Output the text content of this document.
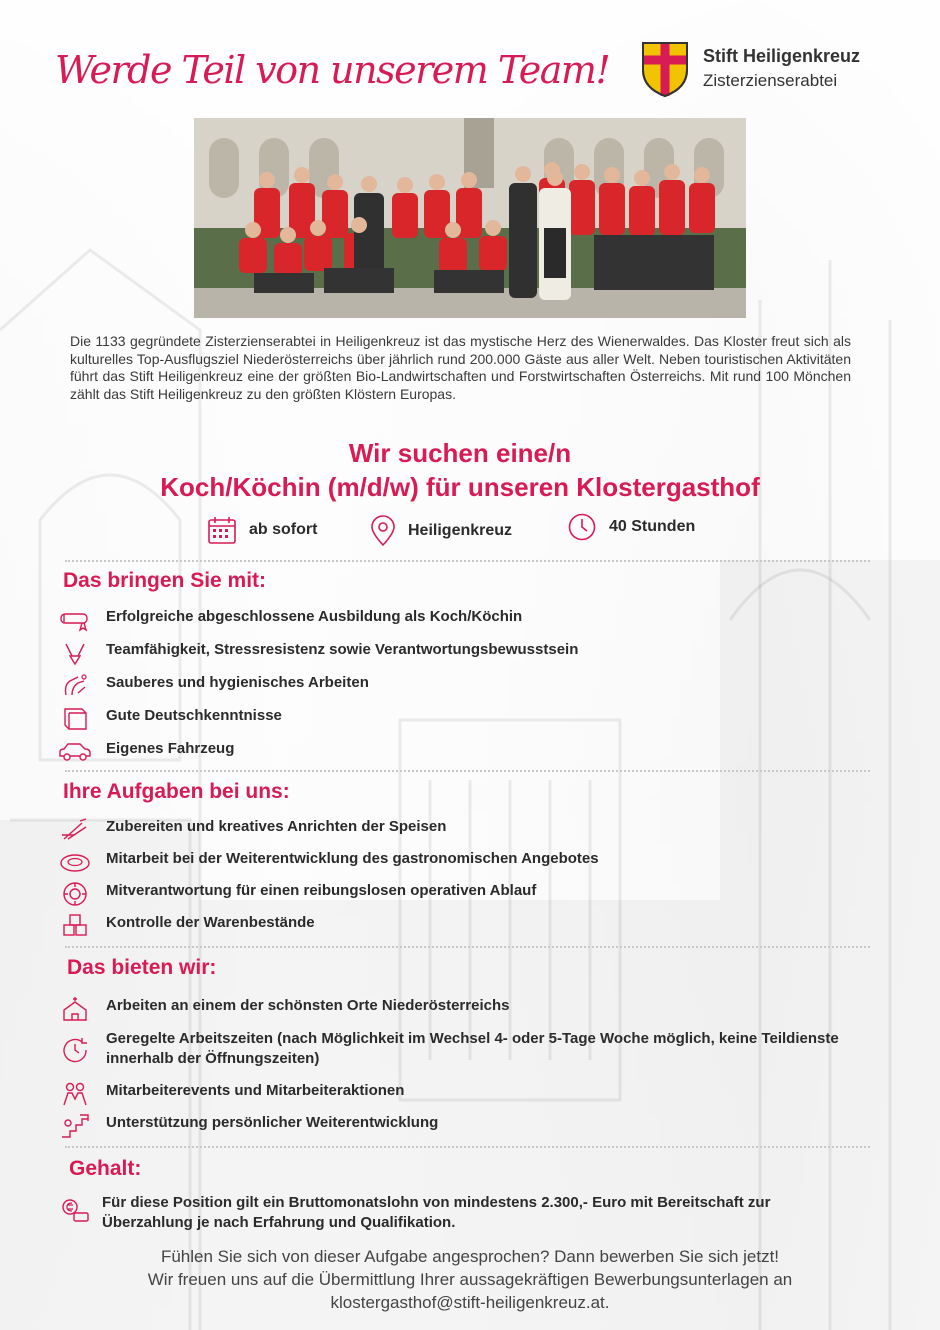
Werde Teil von unserem Team!	Stift Heiligenkreuz
Zisterzienserabtei

Die 1133 gegründete Zisterzienserabtei in Heiligenkreuz ist das mystische Herz des Wienerwaldes. Das Kloster freut sich als kulturelles Top-Ausflugsziel Niederösterreichs über jährlich rund 200.000 Gäste aus aller Welt. Neben touristischen Aktivitäten führt das Stift Heiligenkreuz eine der größten Bio-Landwirtschaften und Forstwirtschaften Österreichs. Mit rund 100 Mönchen zählt das Stift Heiligenkreuz zu den größten Klöstern Europas.

Wir suchen eine/n
Koch/Köchin (m/d/w) für unseren Klostergasthof
ab sofort	Heiligenkreuz	40 Stunden
Das bringen Sie mit:
Erfolgreiche abgeschlossene Ausbildung als Koch/Köchin
Teamfähigkeit, Stressresistenz sowie Verantwortungsbewusstsein
Sauberes und hygienisches Arbeiten
Gute Deutschkenntnisse
Eigenes Fahrzeug
Ihre Aufgaben bei uns:
Zubereiten und kreatives Anrichten der Speisen
Mitarbeit bei der Weiterentwicklung des gastronomischen Angebotes
Mitverantwortung für einen reibungslosen operativen Ablauf
Kontrolle der Warenbestände
Das bieten wir:
Arbeiten an einem der schönsten Orte Niederösterreichs
Geregelte Arbeitszeiten (nach Möglichkeit im Wechsel 4- oder 5-Tage Woche möglich, keine Teildienste innerhalb der Öffnungszeiten)
Mitarbeiterevents und Mitarbeiteraktionen
Unterstützung persönlicher Weiterentwicklung
Gehalt:
Für diese Position gilt ein Bruttomonatslohn von mindestens 2.300,- Euro mit Bereitschaft zur Überzahlung je nach Erfahrung und Qualifikation.

Fühlen Sie sich von dieser Aufgabe angesprochen? Dann bewerben Sie sich jetzt!
Wir freuen uns auf die Übermittlung Ihrer aussagekräftigen Bewerbungsunterlagen an
klostergasthof@stift-heiligenkreuz.at.
